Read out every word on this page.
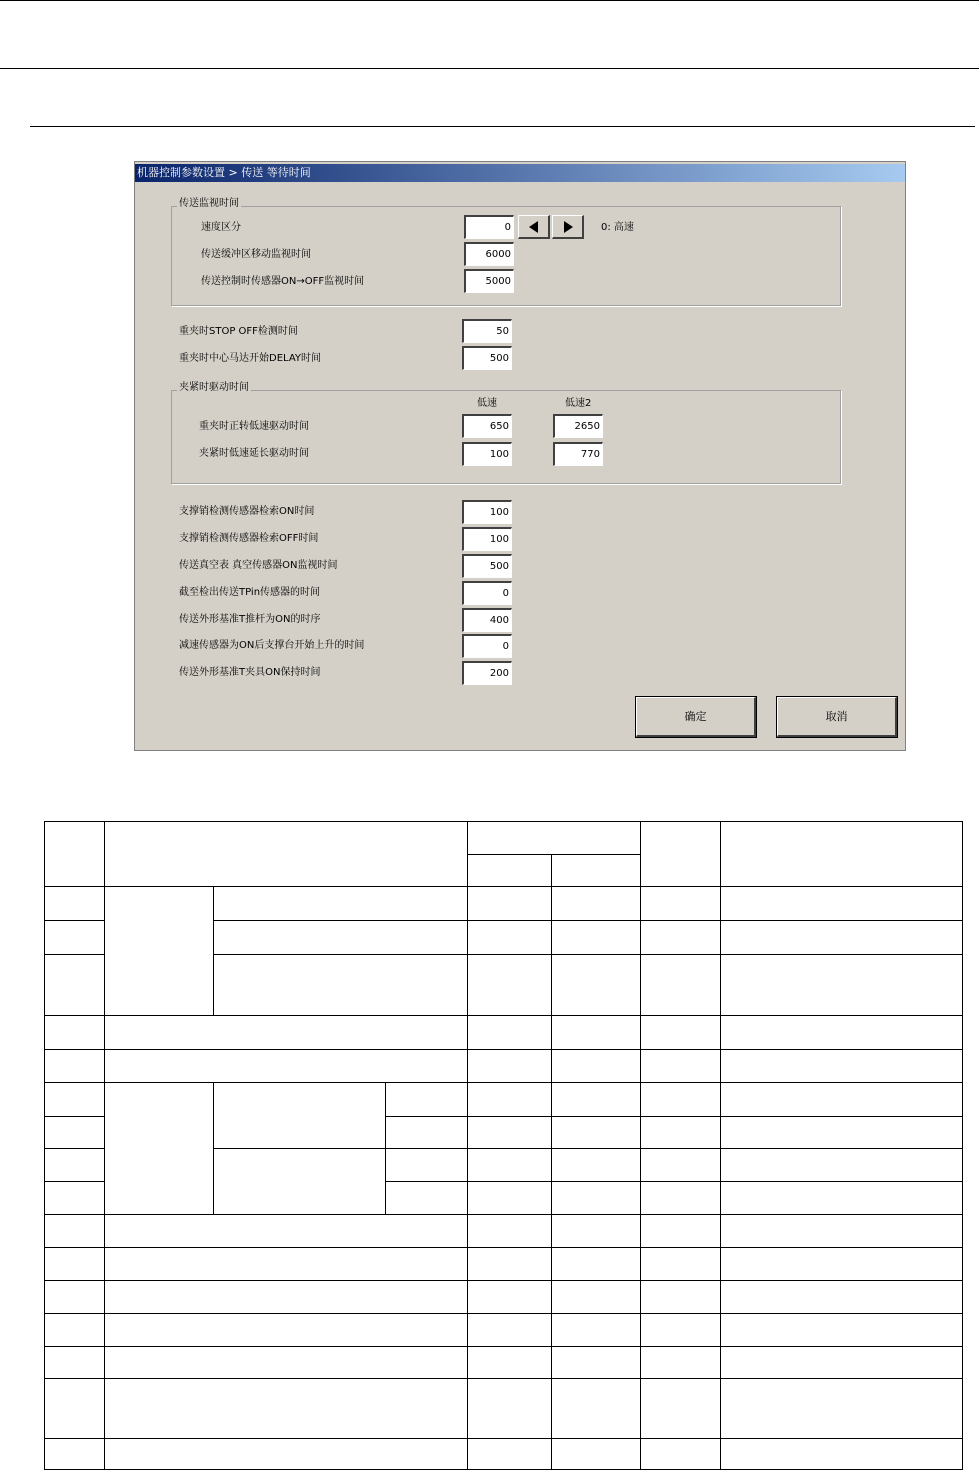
机器控制参数设置 > 传送 等待时间
传送监视时间
速度区分	0	0: 高速
传送缓冲区移动监视时间	6000
传送控制时传感器ON→OFF监视时间	5000
重夹时STOP OFF检测时间	50
重夹时中心马达开始DELAY时间	500
夹紧时驱动时间
低速	低速2
重夹时正转低速驱动时间	650	2650
夹紧时低速延长驱动时间	100	770
支撑销检测传感器检索ON时间	100
支撑销检测传感器检索OFF时间	100
传送真空表 真空传感器ON监视时间	500
截至检出传送TPin传感器的时间	0
传送外形基准T推杆为ON的时序	400
减速传感器为ON后支撑台开始上升的时间	0
传送外形基准T夹具ON保持时间	200
确定	取消
